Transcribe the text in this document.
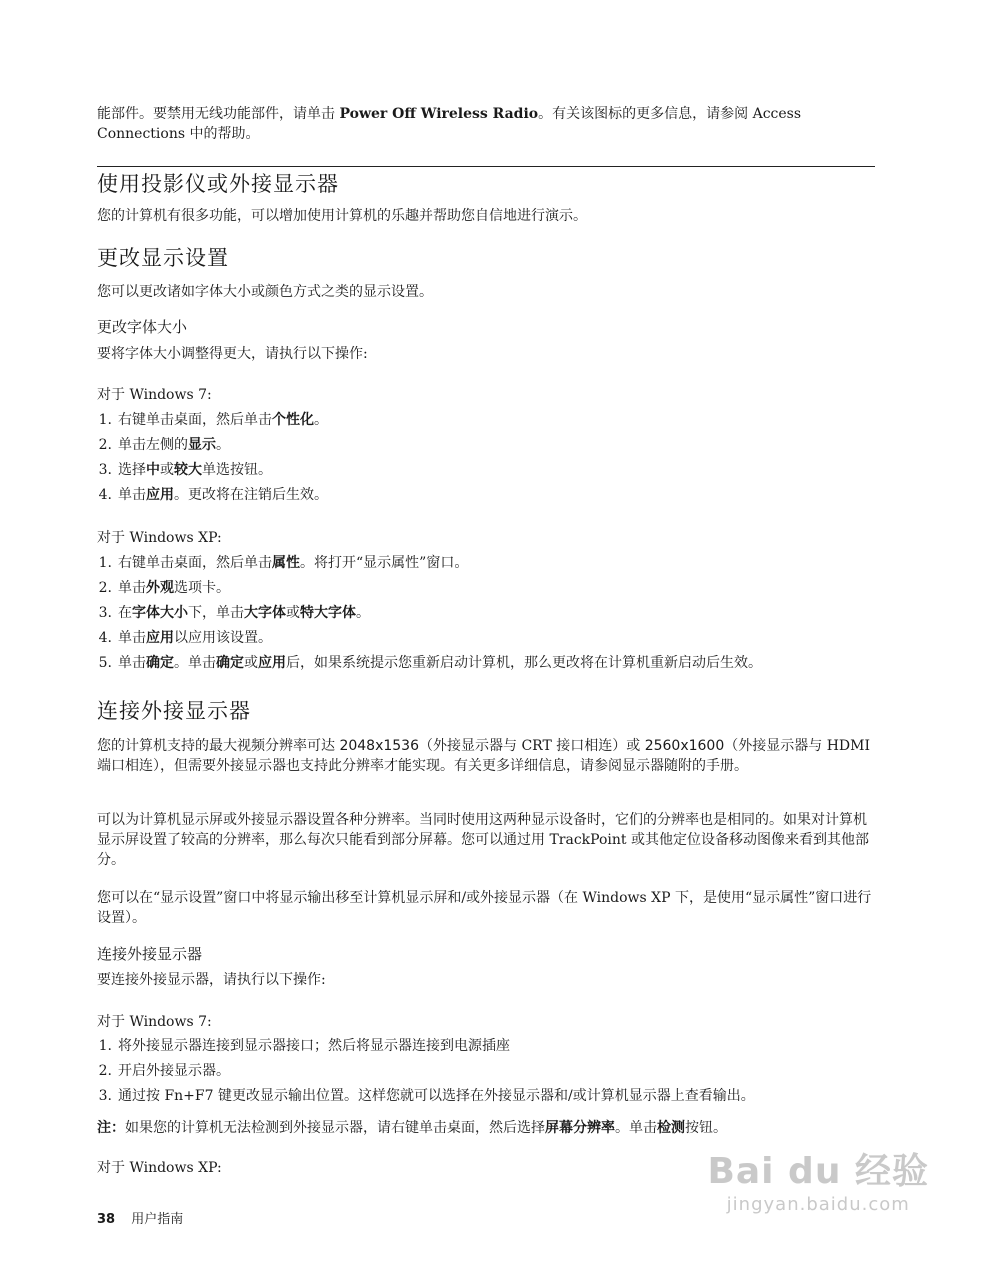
能部件。要禁用无线功能部件，请单击 Power Off Wireless Radio。有关该图标的更多信息，请参阅 Access Connections 中的帮助。

使用投影仪或外接显示器

您的计算机有很多功能，可以增加使用计算机的乐趣并帮助您自信地进行演示。

更改显示设置

您可以更改诸如字体大小或颜色方式之类的显示设置。

更改字体大小

要将字体大小调整得更大，请执行以下操作:

对于 Windows 7:

1. 右键单击桌面，然后单击个性化。
2. 单击左侧的显示。
3. 选择中或较大单选按钮。
4. 单击应用。更改将在注销后生效。

对于 Windows XP:

1. 右键单击桌面，然后单击属性。将打开“显示属性”窗口。
2. 单击外观选项卡。
3. 在字体大小下，单击大字体或特大字体。
4. 单击应用以应用该设置。
5. 单击确定。单击确定或应用后，如果系统提示您重新启动计算机，那么更改将在计算机重新启动后生效。
连接外接显示器

您的计算机支持的最大视频分辨率可达 2048x1536（外接显示器与 CRT 接口相连）或 2560x1600（外接显示器与 HDMI 端口相连），但需要外接显示器也支持此分辨率才能实现。有关更多详细信息，请参阅显示器随附的手册。

可以为计算机显示屏或外接显示器设置各种分辨率。当同时使用这两种显示设备时，它们的分辨率也是相同的。如果对计算机显示屏设置了较高的分辨率，那么每次只能看到部分屏幕。您可以通过用 TrackPoint 或其他定位设备移动图像来看到其他部分。

您可以在“显示设置”窗口中将显示输出移至计算机显示屏和/或外接显示器（在 Windows XP 下，是使用“显示属性”窗口进行设置）。

连接外接显示器

要连接外接显示器，请执行以下操作:

对于 Windows 7:

1. 将外接显示器连接到显示器接口；然后将显示器连接到电源插座
2. 开启外接显示器。
3. 通过按 Fn+F7 键更改显示输出位置。这样您就可以选择在外接显示器和/或计算机显示器上查看输出。

注：如果您的计算机无法检测到外接显示器，请右键单击桌面，然后选择屏幕分辨率。单击检测按钮。

对于 Windows XP:

38 用户指南
Bai du 经验
jingyan.baidu.com
